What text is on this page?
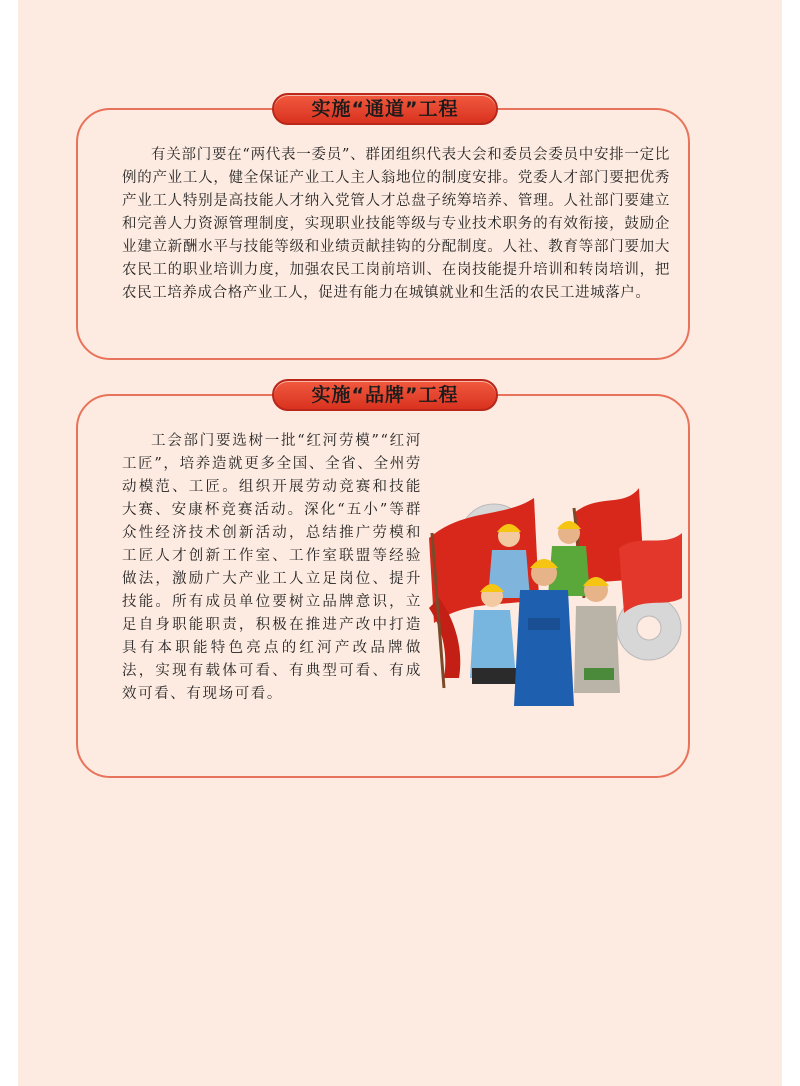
实施“通道”工程

有关部门要在“两代表一委员”、群团组织代表大会和委员会委员中安排一定比例的产业工人，健全保证产业工人主人翁地位的制度安排。党委人才部门要把优秀产业工人特别是高技能人才纳入党管人才总盘子统筹培养、管理。人社部门要建立和完善人力资源管理制度，实现职业技能等级与专业技术职务的有效衔接，鼓励企业建立新酬水平与技能等级和业绩贡献挂钩的分配制度。人社、教育等部门要加大农民工的职业培训力度，加强农民工岗前培训、在岗技能提升培训和转岗培训，把农民工培养成合格产业工人，促进有能力在城镇就业和生活的农民工进城落户。

实施“品牌”工程

工会部门要选树一批“红河劳模”“红河工匠”，培养造就更多全国、全省、全州劳动模范、工匠。组织开展劳动竞赛和技能大赛、安康杯竞赛活动。深化“五小”等群众性经济技术创新活动，总结推广劳模和工匠人才创新工作室、工作室联盟等经验做法，激励广大产业工人立足岗位、提升技能。所有成员单位要树立品牌意识，立足自身职能职责，积极在推进产改中打造具有本职能特色亮点的红河产改品牌做法，实现有载体可看、有典型可看、有成效可看、有现场可看。
